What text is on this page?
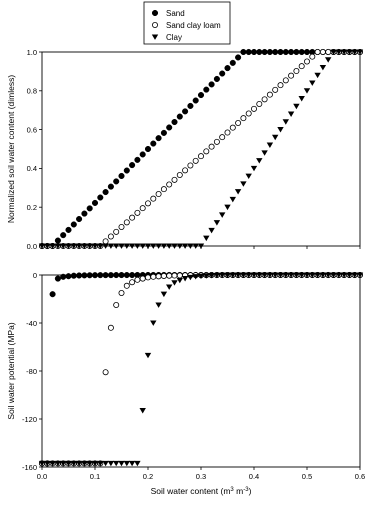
Sand
Sand clay loam
Clay
0.0
0.2
0.4
0.6
0.8
1.0
Normalized soil water content (dimless)
0.0	0.1	0.2	0.3	0.4	0.5	0.6
-160
-120
-80
-40
0
Soil water potential (MPa)
Soil water content ($m^3$ $m^{-3}$)
